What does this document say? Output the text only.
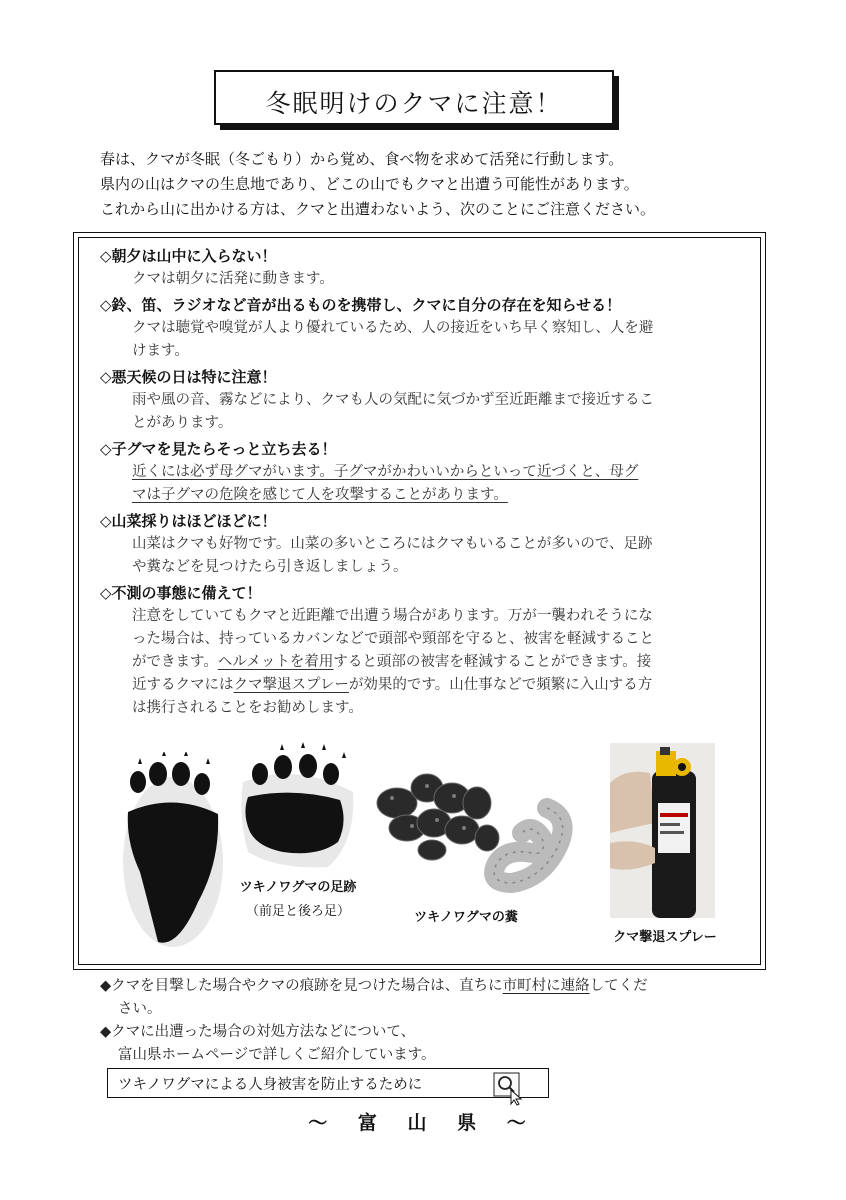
冬眠明けのクマに注意！

春は、クマが冬眠（冬ごもり）から覚め、食べ物を求めて活発に行動します。

県内の山はクマの生息地であり、どこの山でもクマと出遭う可能性があります。

これから山に出かける方は、クマと出遭わないよう、次のことにご注意ください。

◇朝夕は山中に入らない！
クマは朝夕に活発に動きます。
◇鈴、笛、ラジオなど音が出るものを携帯し、クマに自分の存在を知らせる！
クマは聴覚や嗅覚が人より優れているため、人の接近をいち早く察知し、人を避
けます。
◇悪天候の日は特に注意！
雨や風の音、霧などにより、クマも人の気配に気づかず至近距離まで接近するこ
とがあります。
◇子グマを見たらそっと立ち去る！
近くには必ず母グマがいます。子グマがかわいいからといって近づくと、母グ
マは子グマの危険を感じて人を攻撃することがあります。
◇山菜採りはほどほどに！
山菜はクマも好物です。山菜の多いところにはクマもいることが多いので、足跡
や糞などを見つけたら引き返しましょう。
◇不測の事態に備えて！
注意をしていてもクマと近距離で出遭う場合があります。万が一襲われそうにな
った場合は、持っているカバンなどで頭部や頸部を守ると、被害を軽減すること
ができます。ヘルメットを着用すると頭部の被害を軽減することができます。接
近するクマにはクマ撃退スプレーが効果的です。山仕事などで頻繁に入山する方
は携行されることをお勧めします。
ツキノワグマの足跡
（前足と後ろ足）	ツキノワグマの糞
クマ撃退スプレー
◆クマを目撃した場合やクマの痕跡を見つけた場合は、直ちに市町村に連絡してくだ
さい。
◆クマに出遭った場合の対処方法などについて、
富山県ホームページで詳しくご紹介しています。
ツキノワグマによる人身被害を防止するために
～ 富 山 県 ～
